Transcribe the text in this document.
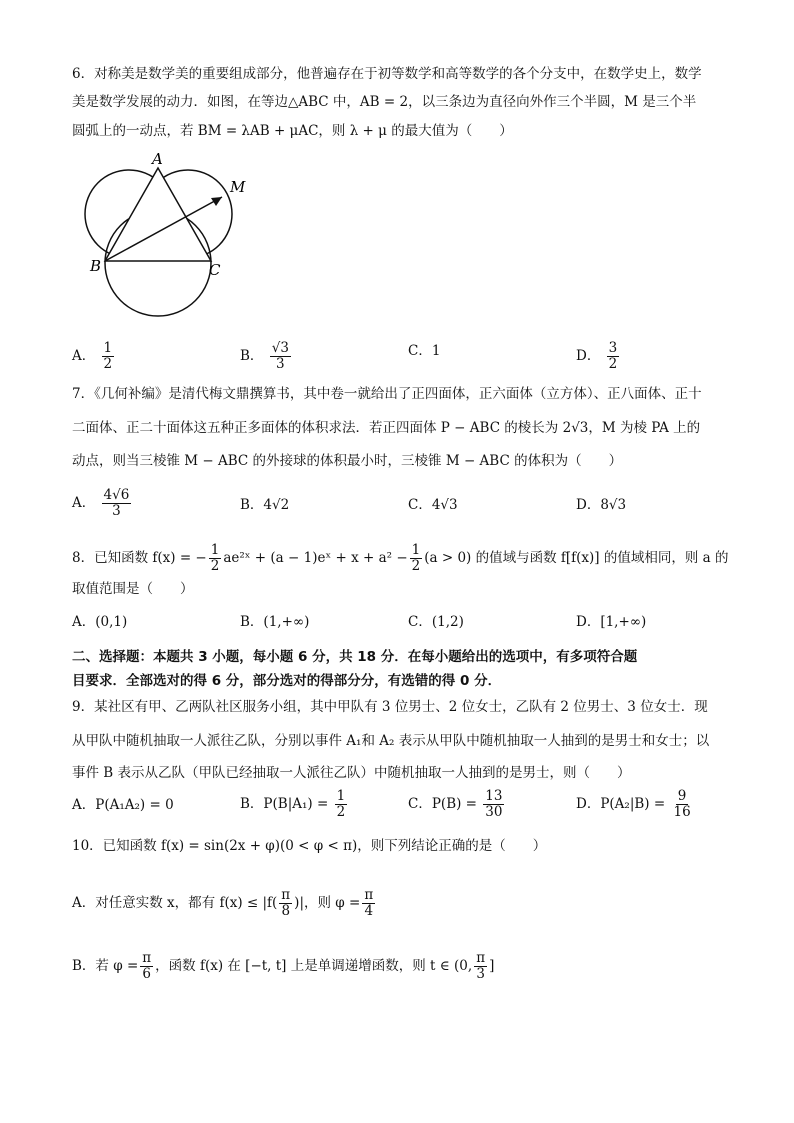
6．对称美是数学美的重要组成部分，他普遍存在于初等数学和高等数学的各个分支中，在数学史上，数学
美是数学发展的动力．如图，在等边△ABC 中，AB = 2，以三条边为直径向外作三个半圆，M 是三个半
圆弧上的一动点，若 BM = λAB + μAC，则 λ + μ 的最大值为（　　）
A
B	C
M
A． $\frac{1}{2}$	B． $\frac{√3}{3}$	C．1	D． $\frac{3}{2}$
7．《几何补编》是清代梅文鼎撰算书，其中卷一就给出了正四面体，正六面体（立方体）、正八面体、正十
二面体、正二十面体这五种正多面体的体积求法．若正四面体 P − ABC 的棱长为 2√3，M 为棱 PA 上的
动点，则当三棱锥 M − ABC 的外接球的体积最小时，三棱锥 M − ABC 的体积为（　　）
A． $\frac{4√6}{3}$	B．4√2	C．4√3	D．8√3
8．已知函数 f(x) = − $\frac{1}{2}$ ae²ˣ + (a − 1)eˣ + $x + a^2 - \frac{1}{2} (a > 0)$ 的值域与函数 f[f(x)] 的值域相同，则 a 的
取值范围是（　　）
A．(0,1)	B．(1,+∞)	C．(1,2)	D．[1,+∞)
二、选择题：本题共 3 小题，每小题 6 分，共 18 分．在每小题给出的选项中，有多项符合题
目要求．全部选对的得 6 分，部分选对的得部分分，有选错的得 0 分．
9．某社区有甲、乙两队社区服务小组，其中甲队有 3 位男士、2 位女士，乙队有 2 位男士、3 位女士．现
从甲队中随机抽取一人派往乙队，分别以事件 A₁和 A₂ 表示从甲队中随机抽取一人抽到的是男士和女士；以
事件 B 表示从乙队（甲队已经抽取一人派往乙队）中随机抽取一人抽到的是男士，则（　　）
A．P(A₁A₂) = 0	B．$P(B|A_1) = \frac{1}{2}$	C．$P(B) = \frac{13}{30}$	D．$P(A_2|B) = \frac{9}{16}$
10．已知函数 f(x) = sin(2x + φ)(0 < φ < π)，则下列结论正确的是（　　）
A．对任意实数 x，都有 $f(x) \le |f( \frac{\pi}{8}$ )|，则 $\varphi = \frac{\pi}{4}$
B．若 $\varphi = \frac{\pi}{6}$ ，函数 f(x) 在 [−t, t] 上是单调递增函数，则 t ∈ (0, $\frac{\pi}{3}$ ]
